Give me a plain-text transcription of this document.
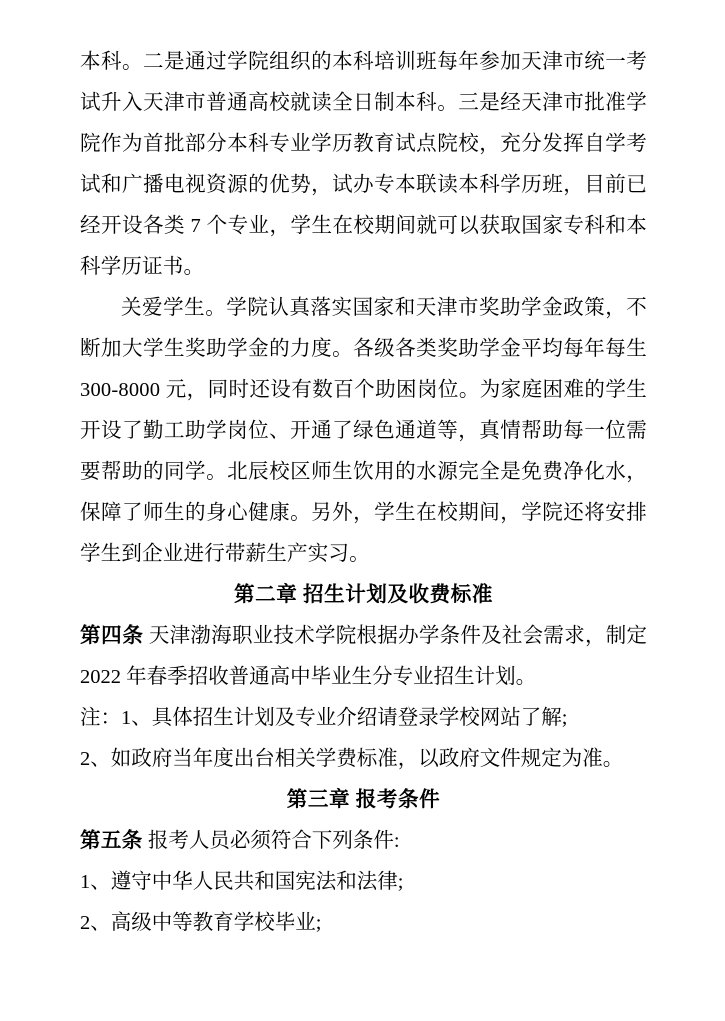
本科。二是通过学院组织的本科培训班每年参加天津市统一考试升入天津市普通高校就读全日制本科。三是经天津市批准学院作为首批部分本科专业学历教育试点院校，充分发挥自学考试和广播电视资源的优势，试办专本联读本科学历班，目前已经开设各类 7 个专业，学生在校期间就可以获取国家专科和本科学历证书。

关爱学生。学院认真落实国家和天津市奖助学金政策，不断加大学生奖助学金的力度。各级各类奖助学金平均每年每生 300-8000 元，同时还设有数百个助困岗位。为家庭困难的学生开设了勤工助学岗位、开通了绿色通道等，真情帮助每一位需要帮助的同学。北辰校区师生饮用的水源完全是免费净化水，保障了师生的身心健康。另外，学生在校期间，学院还将安排学生到企业进行带薪生产实习。

第二章 招生计划及收费标准

第四条 天津渤海职业技术学院根据办学条件及社会需求，制定 2022 年春季招收普通高中毕业生分专业招生计划。

注：1、具体招生计划及专业介绍请登录学校网站了解;

2、如政府当年度出台相关学费标准，以政府文件规定为准。

第三章 报考条件

第五条 报考人员必须符合下列条件:

1、遵守中华人民共和国宪法和法律;

2、高级中等教育学校毕业;
